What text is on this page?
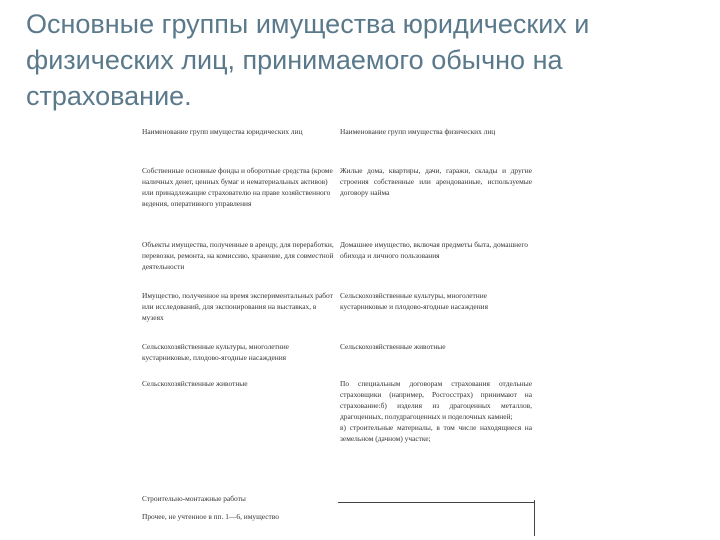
Основные группы имущества юридических и физических лиц, принимаемого обычно на страхование.
Наименование групп имущества юридических лиц
Собственные основные фонды и оборотные средства (кроме наличных денег, ценных бумаг и нематериальных активов) или принадлежащие страхователю на праве хозяйственного ведения, оперативного управления
Объекты имущества, полученные в аренду, для переработки, перевозки, ремонта, на комиссию, хранение, для совместной деятельности
Имущество, полученное на время экспериментальных работ или исследований, для экспонирования на выставках, в музеях
Сельскохозяйственные культуры, многолетние кустарниковые, плодово-ягодные насаждения
Сельскохозяйственные животные
Строительно-монтажные работы
Прочее, не учтенное в пп. 1—6, имущество
Наименование групп имущества физических лиц
Жилые дома, квартиры, дачи, гаражи, склады и другие строения собственные или арендованные, используемые договору найма
Домашнее имущество, включая предметы быта, домашнего обихода и личного пользования
Сельскохозяйственные культуры, многолетние кустарниковые и плодово-ягодные насаждения
Сельскохозяйственные животные
По специальным договорам страхования отдельные страховщики (например, Росгосстрах) принимают на страхование:б) изделия из драгоценных металлов, драгоценных, полудрагоценных и поделочных камней;
в) строительные материалы, в том числе находящиеся на земельном (дачном) участке;
